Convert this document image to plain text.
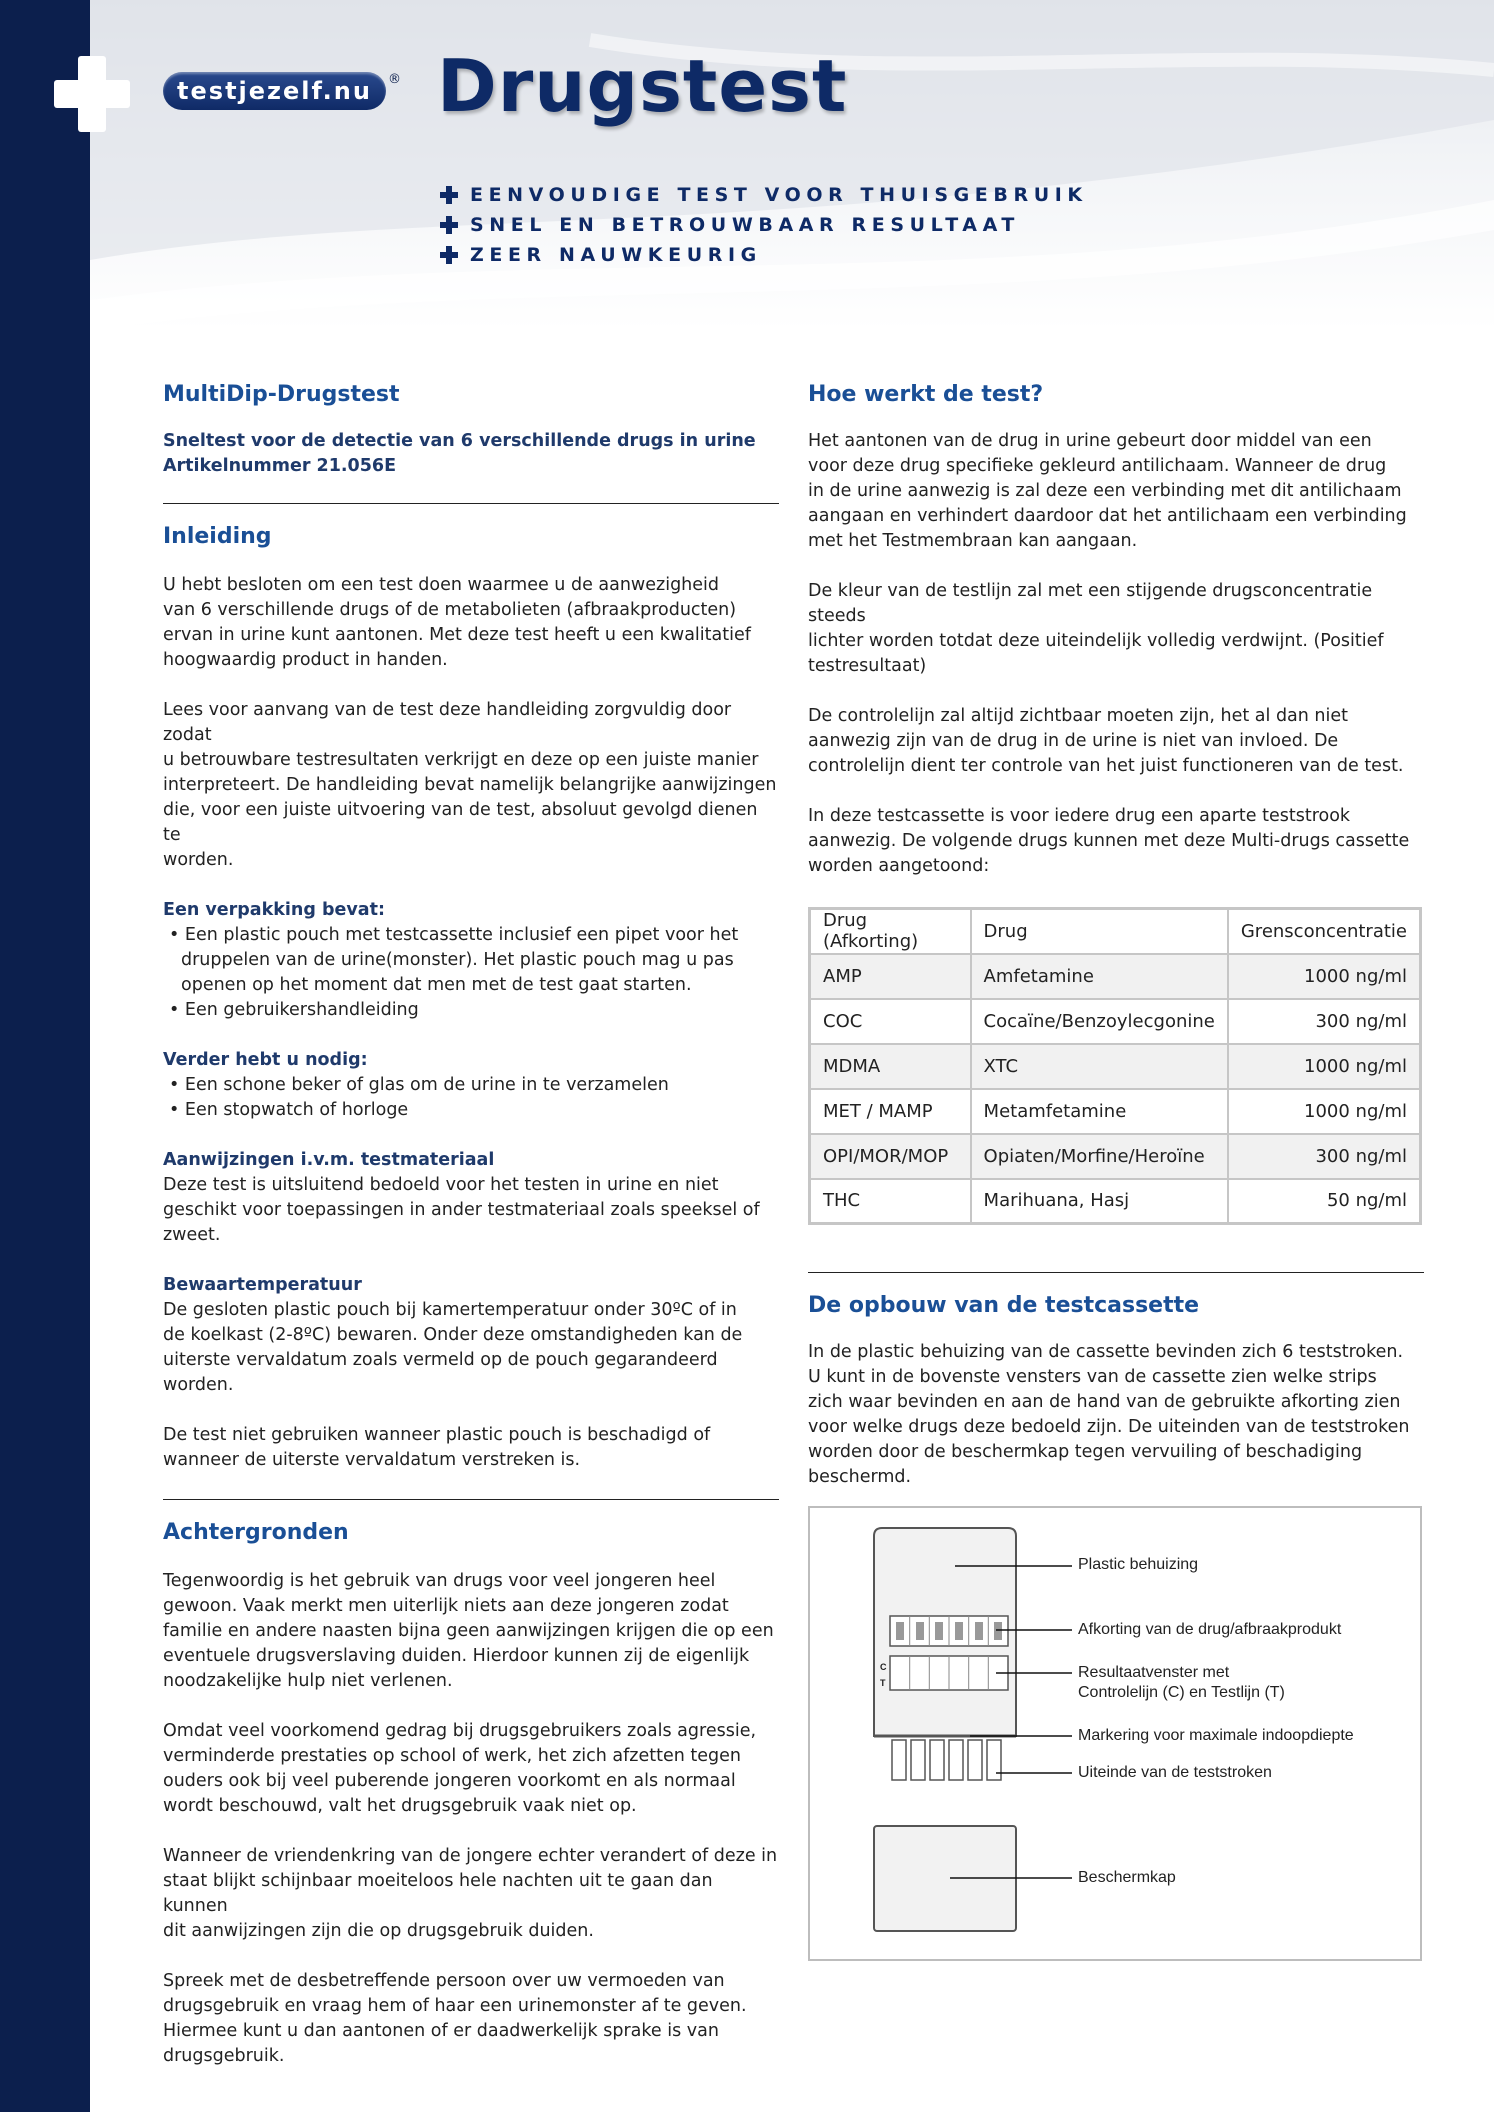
testjezelf.nu	® Drugstest
EENVOUDIGE TEST VOOR THUISGEBRUIK
SNEL EN BETROUWBAAR RESULTAAT
ZEER NAUWKEURIG
MultiDip-Drugstest

Sneltest voor de detectie van 6 verschillende drugs in urine

Artikelnummer 21.056E

Inleiding

U hebt besloten om een test doen waarmee u de aanwezigheid
van 6 verschillende drugs of de metabolieten (afbraakproducten)
ervan in urine kunt aantonen. Met deze test heeft u een kwalitatief
hoogwaardig product in handen.

Lees voor aanvang van de test deze handleiding zorgvuldig door zodat
u betrouwbare testresultaten verkrijgt en deze op een juiste manier
interpreteert. De handleiding bevat namelijk belangrijke aanwijzingen
die, voor een juiste uitvoering van de test, absoluut gevolgd dienen te
worden.

Een verpakking bevat:

• Een plastic pouch met testcassette inclusief een pipet voor het druppelen van de urine(monster). Het plastic pouch mag u pas openen op het moment dat men met de test gaat starten.

• Een gebruikershandleiding

Verder hebt u nodig:

• Een schone beker of glas om de urine in te verzamelen

• Een stopwatch of horloge

Aanwijzingen i.v.m. testmateriaal

Deze test is uitsluitend bedoeld voor het testen in urine en niet
geschikt voor toepassingen in ander testmateriaal zoals speeksel of
zweet.

Bewaartemperatuur

De gesloten plastic pouch bij kamertemperatuur onder 30ºC of in
de koelkast (2-8ºC) bewaren. Onder deze omstandigheden kan de
uiterste vervaldatum zoals vermeld op de pouch gegarandeerd
worden.

De test niet gebruiken wanneer plastic pouch is beschadigd of
wanneer de uiterste vervaldatum verstreken is.

Achtergronden

Tegenwoordig is het gebruik van drugs voor veel jongeren heel
gewoon. Vaak merkt men uiterlijk niets aan deze jongeren zodat
familie en andere naasten bijna geen aanwijzingen krijgen die op een
eventuele drugsverslaving duiden. Hierdoor kunnen zij de eigenlijk
noodzakelijke hulp niet verlenen.

Omdat veel voorkomend gedrag bij drugsgebruikers zoals agressie,
verminderde prestaties op school of werk, het zich afzetten tegen
ouders ook bij veel puberende jongeren voorkomt en als normaal
wordt beschouwd, valt het drugsgebruik vaak niet op.

Wanneer de vriendenkring van de jongere echter verandert of deze in
staat blijkt schijnbaar moeiteloos hele nachten uit te gaan dan kunnen
dit aanwijzingen zijn die op drugsgebruik duiden.

Spreek met de desbetreffende persoon over uw vermoeden van
drugsgebruik en vraag hem of haar een urinemonster af te geven.
Hiermee kunt u dan aantonen of er daadwerkelijk sprake is van
drugsgebruik.

Hoe werkt de test?

Het aantonen van de drug in urine gebeurt door middel van een
voor deze drug specifieke gekleurd antilichaam. Wanneer de drug
in de urine aanwezig is zal deze een verbinding met dit antilichaam
aangaan en verhindert daardoor dat het antilichaam een verbinding
met het Testmembraan kan aangaan.

De kleur van de testlijn zal met een stijgende drugsconcentratie steeds
lichter worden totdat deze uiteindelijk volledig verdwijnt. (Positief
testresultaat)

De controlelijn zal altijd zichtbaar moeten zijn, het al dan niet
aanwezig zijn van de drug in de urine is niet van invloed. De
controlelijn dient ter controle van het juist functioneren van de test.

In deze testcassette is voor iedere drug een aparte teststrook
aanwezig. De volgende drugs kunnen met deze Multi-drugs cassette
worden aangetoond:

Drug (Afkorting)	Drug	Grensconcentratie
AMP	Amfetamine	1000 ng/ml
COC	Cocaïne/Benzoylecgonine	300 ng/ml
MDMA	XTC	1000 ng/ml
MET / MAMP	Metamfetamine	1000 ng/ml
OPI/MOR/MOP	Opiaten/Morfine/Heroïne	300 ng/ml
THC	Marihuana, Hasj	50 ng/ml
De opbouw van de testcassette

In de plastic behuizing van de cassette bevinden zich 6 teststroken.
U kunt in de bovenste vensters van de cassette zien welke strips
zich waar bevinden en aan de hand van de gebruikte afkorting zien
voor welke drugs deze bedoeld zijn. De uiteinden van de teststroken
worden door de beschermkap tegen vervuiling of beschadiging
beschermd.

C
T
Plastic behuizing
Afkorting van de drug/afbraakprodukt
Resultaatvenster met
Controlelijn (C) en Testlijn (T)
Markering voor maximale indoopdiepte
Uiteinde van de teststroken
Beschermkap
